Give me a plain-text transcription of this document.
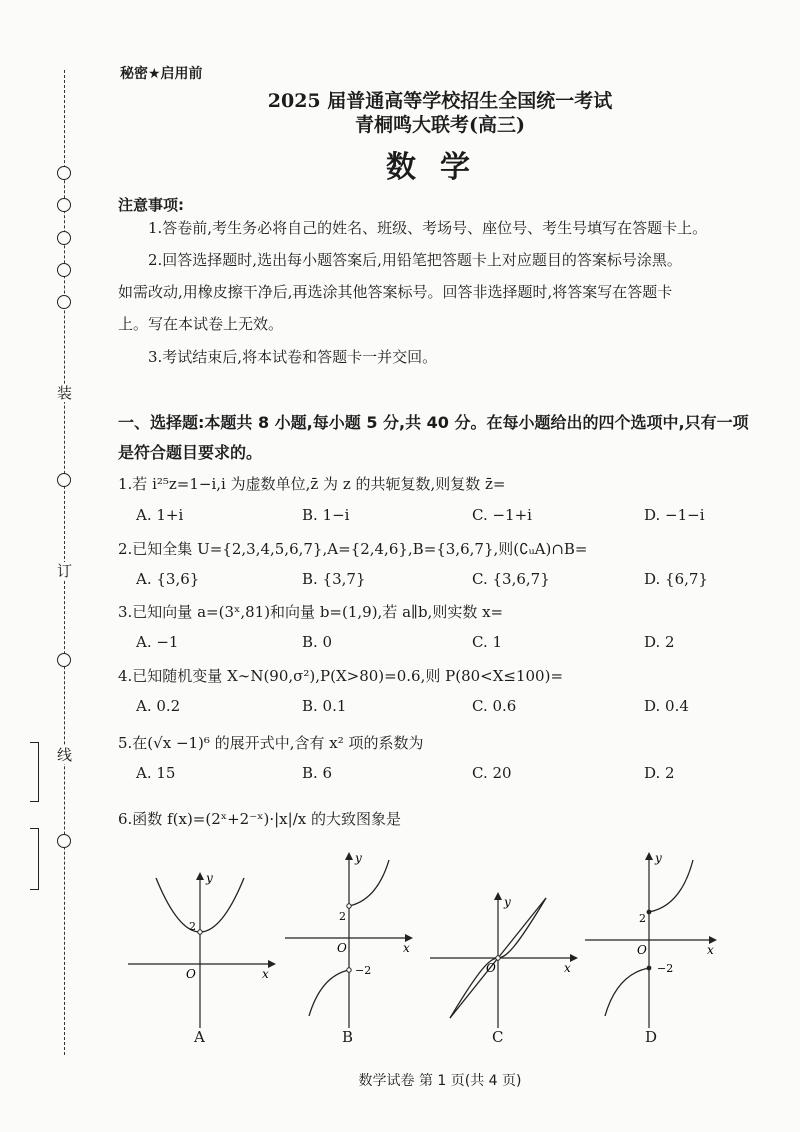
装
订
线
秘密★启用前
2025 届普通高等学校招生全国统一考试
青桐鸣大联考(高三)
数学
注意事项:
1.答卷前,考生务必将自己的姓名、班级、考场号、座位号、考生号填写在答题卡上。
2.回答选择题时,选出每小题答案后,用铅笔把答题卡上对应题目的答案标号涂黑。
如需改动,用橡皮擦干净后,再选涂其他答案标号。回答非选择题时,将答案写在答题卡
上。写在本试卷上无效。
3.考试结束后,将本试卷和答题卡一并交回。
一、选择题:本题共 8 小题,每小题 5 分,共 40 分。在每小题给出的四个选项中,只有一项
是符合题目要求的。
1.若 i²⁵z=1−i,i 为虚数单位,z̄ 为 z 的共轭复数,则复数 z̄=
A. 1+i	B. 1−i	C. −1+i	D. −1−i
2.已知全集 U={2,3,4,5,6,7},A={2,4,6},B={3,6,7},则(∁ᵤA)∩B=
A. {3,6}	B. {3,7}	C. {3,6,7}	D. {6,7}
3.已知向量 a=(3ˣ,81)和向量 b=(1,9),若 a∥b,则实数 x=
A. −1	B. 0	C. 1	D. 2
4.已知随机变量 X∼N(90,σ²),P(X>80)=0.6,则 P(80<X≤100)=
A. 0.2	B. 0.1	C. 0.6	D. 0.4
5.在(√x −1)⁶ 的展开式中,含有 x² 项的系数为
A. 15	B. 6	C. 20	D. 2
6.函数 f(x)=(2ˣ+2⁻ˣ)·|x|/x 的大致图象是
y
x
O
2
A
y
x
O
2
−2
B
y
x
O
C
y
x
O
2
−2
D
数学试卷 第 1 页(共 4 页)
